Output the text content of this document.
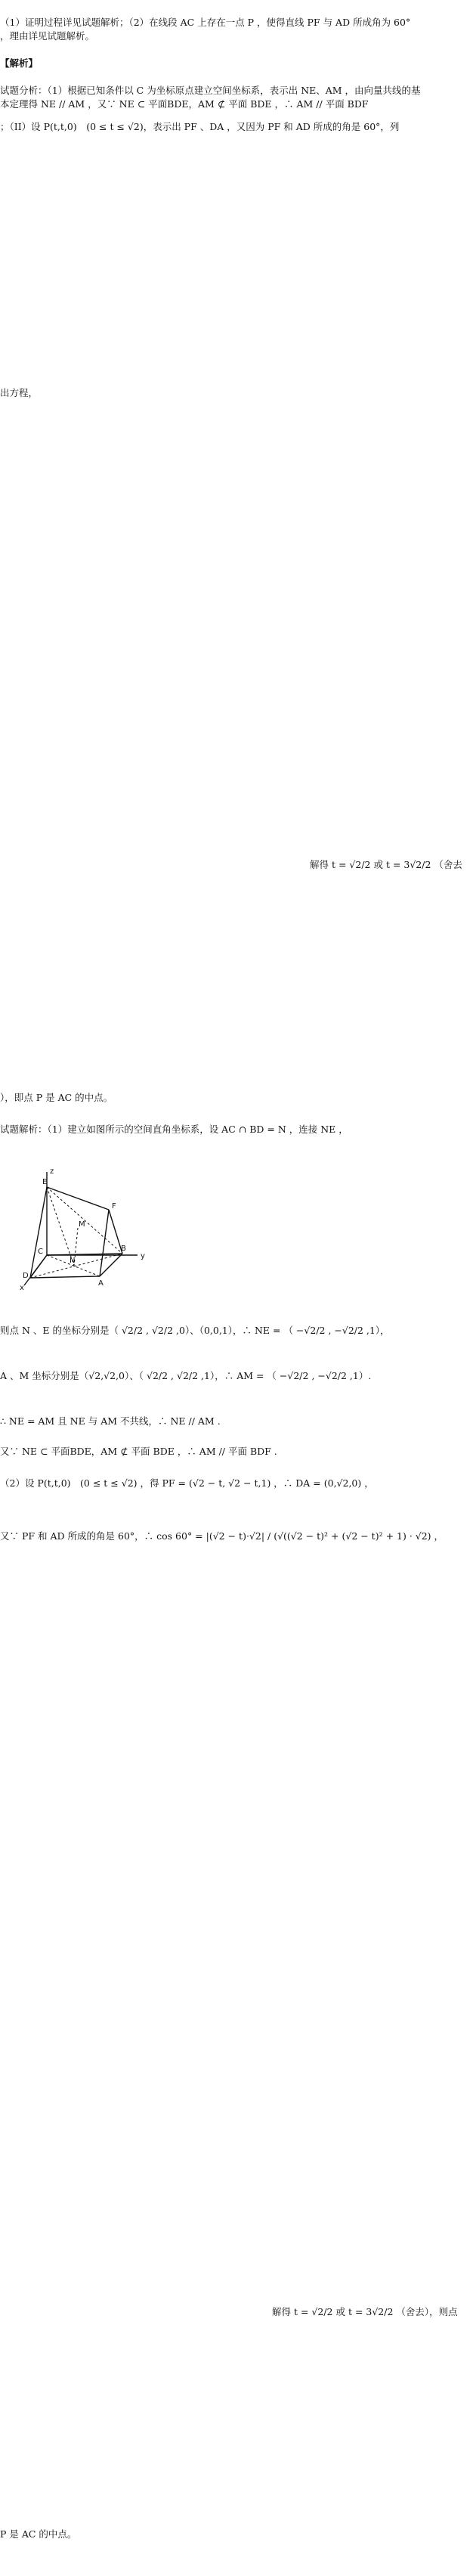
（1）证明过程详见试题解析；（2）在线段 AC 上存在一点 P ，使得直线 PF 与 AD 所成角为 60°
，理由详见试题解析。
【解析】
试题分析：（1）根据已知条件以 C 为坐标原点建立空间坐标系，表示出 NE、AM ，由向量共线的基
本定理得 NE // AM ，又∵ NE ⊂ 平面BDE，AM ⊄ 平面 BDE ，∴ AM // 平面 BDF
；（II）设 P(t,t,0)　(0 ≤ t ≤ √2)，表示出 PF 、DA ，又因为 PF 和 AD 所成的角是 60°，列
出方程，
解得 t = √2/2 或 t = 3√2/2 （舍去
），即点 P 是 AC 的中点。
试题解析：（1）建立如图所示的空间直角坐标系，设 AC ∩ BD = N ，连接 NE ，
E
F
M
N
C	B
D
A
x
y
z
则点 N 、E 的坐标分别是（ √2/2 , √2/2 ,0）、（0,0,1），∴ NE = （ −√2/2 , −√2/2 ,1），
A 、M 坐标分别是（√2,√2,0）、（ √2/2 , √2/2 ,1），∴ AM = （ −√2/2 , −√2/2 ,1）.
∴ NE = AM 且 NE 与 AM 不共线，∴ NE // AM .
又∵ NE ⊂ 平面BDE，AM ⊄ 平面 BDE ，∴ AM // 平面 BDF .
（2）设 P(t,t,0)　(0 ≤ t ≤ √2) ，得 PF = (√2 − t, √2 − t,1) ，∴ DA = (0,√2,0) ，
又∵ PF 和 AD 所成的角是 60°，∴ cos 60° = |(√2 − t)·√2| / (√((√2 − t)² + (√2 − t)² + 1) · √2) ，
解得 t = √2/2 或 t = 3√2/2 （舍去），则点
P 是 AC 的中点。
